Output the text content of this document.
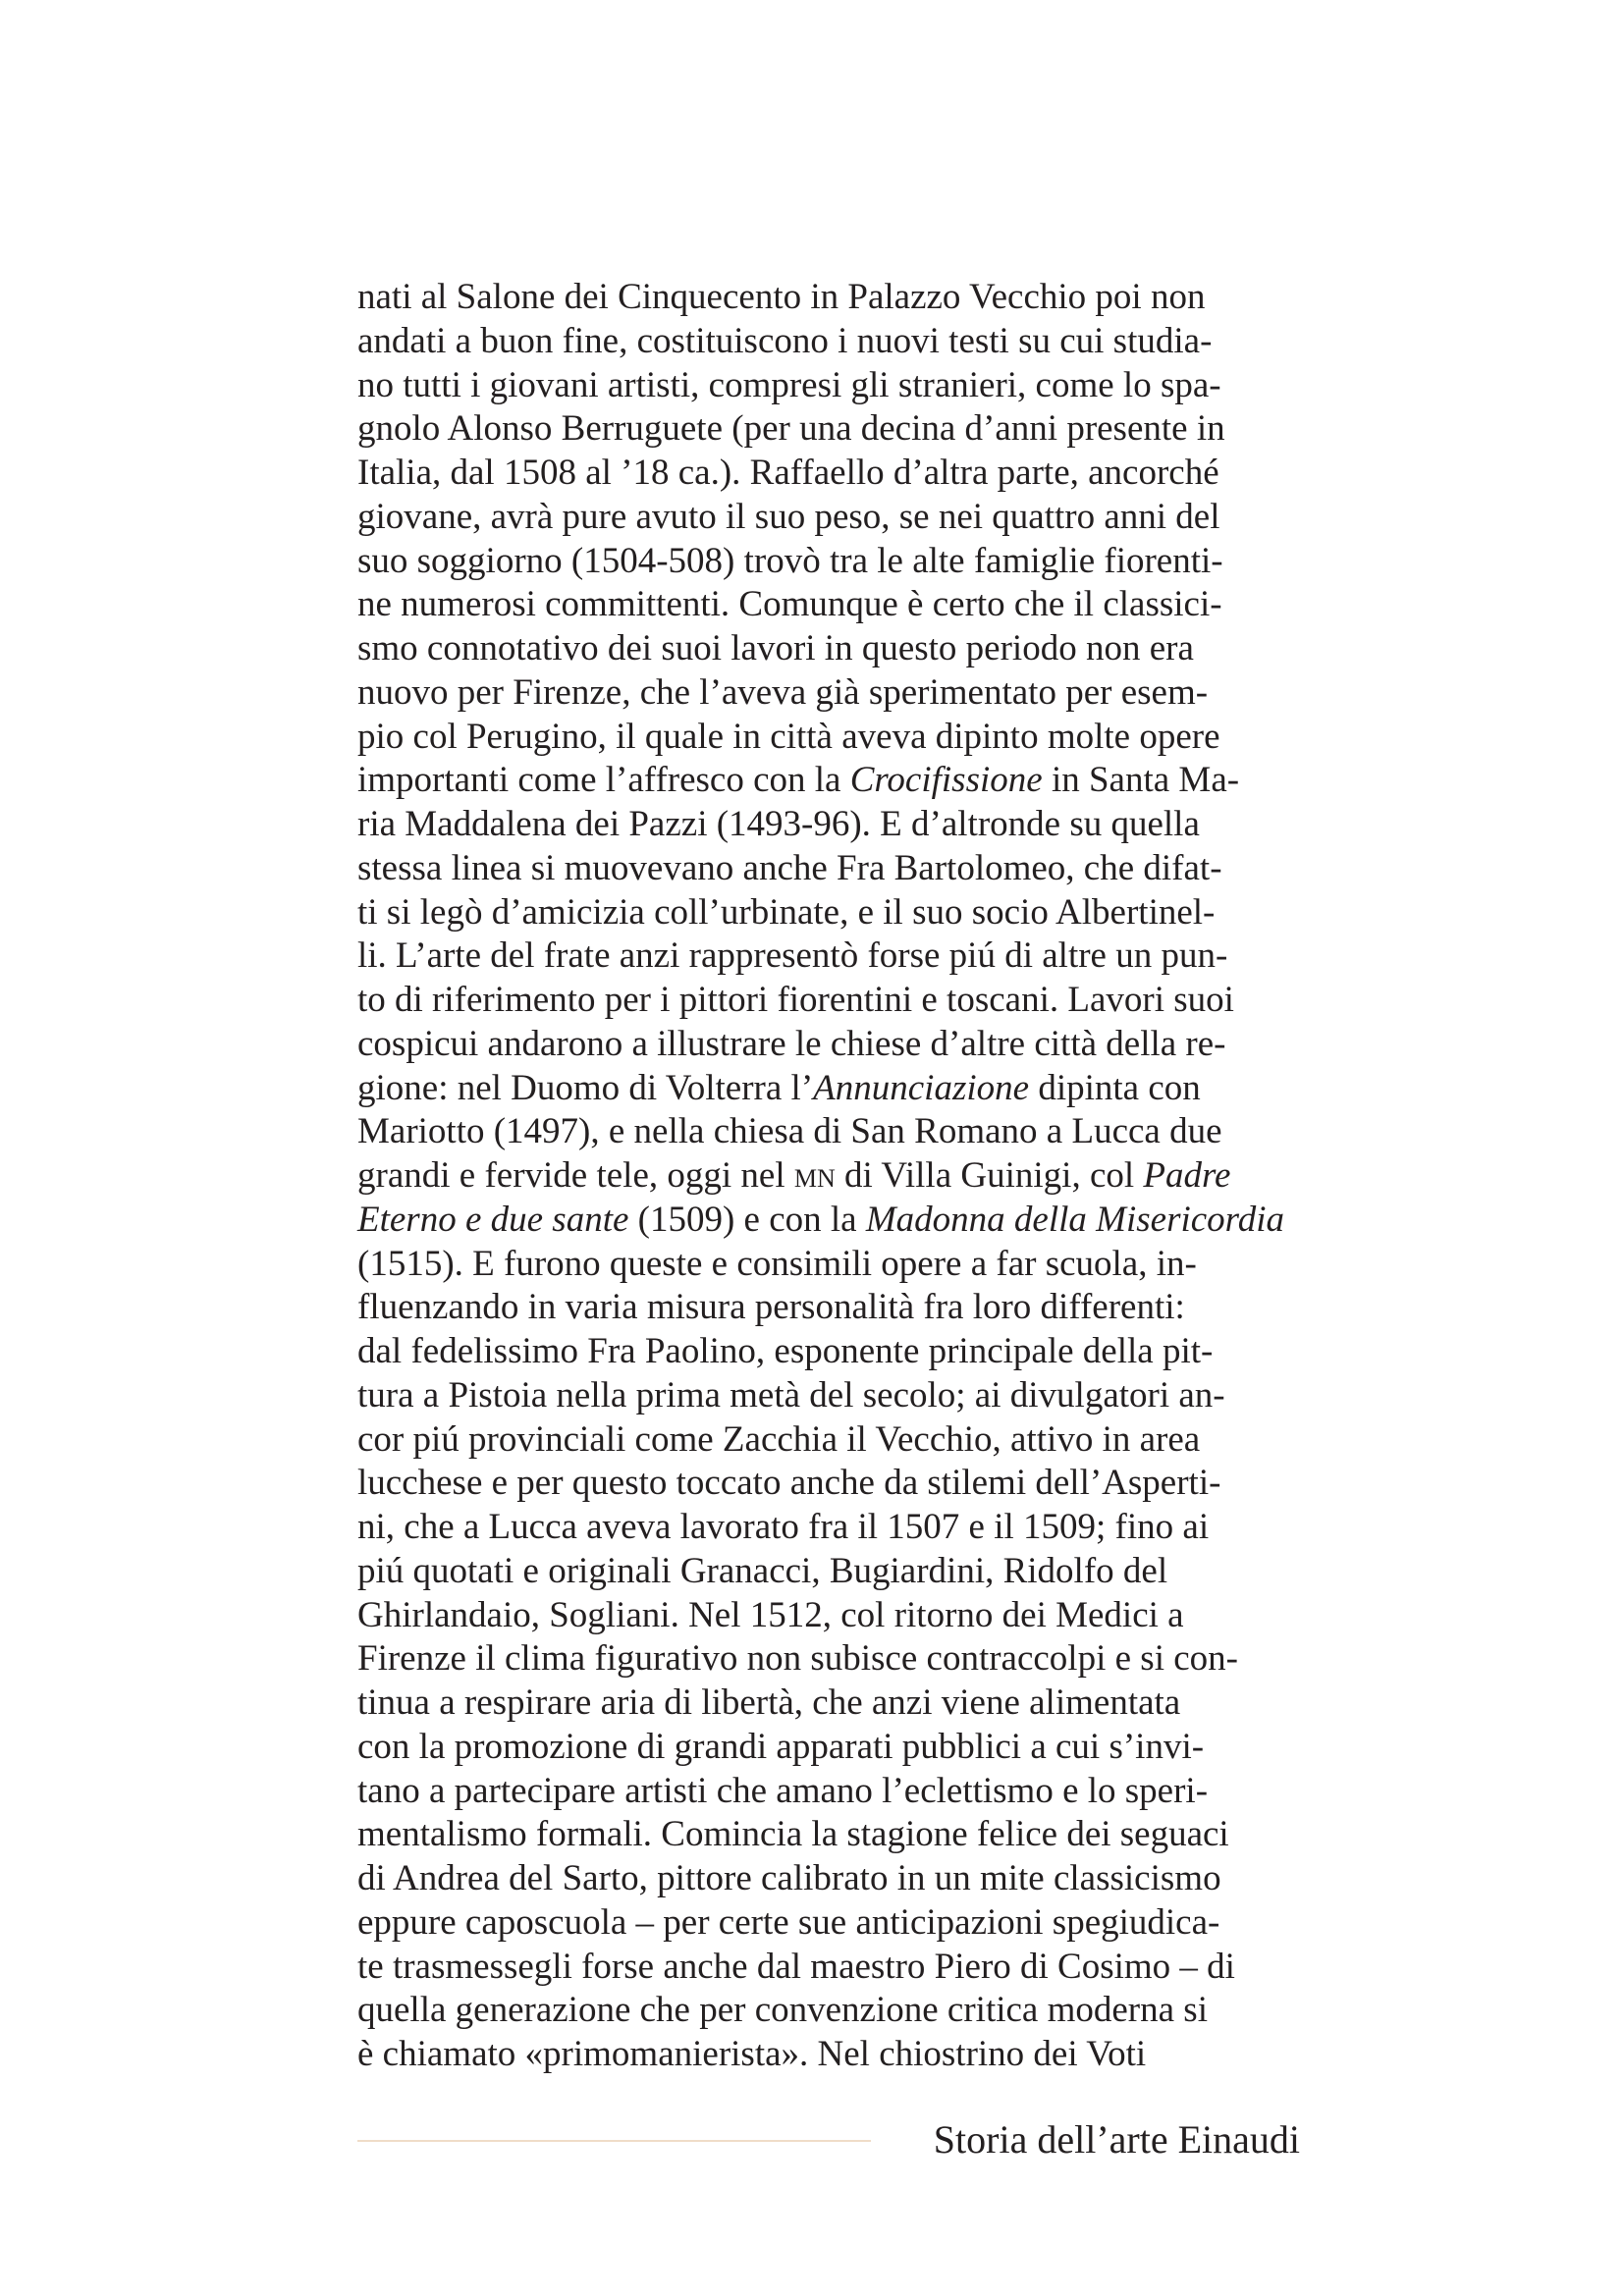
nati al Salone dei Cinquecento in Palazzo Vecchio poi non
andati a buon fine, costituiscono i nuovi testi su cui studia-
no tutti i giovani artisti, compresi gli stranieri, come lo spa-
gnolo Alonso Berruguete (per una decina d’anni presente in
Italia, dal 1508 al ’18 ca.). Raffaello d’altra parte, ancorché
giovane, avrà pure avuto il suo peso, se nei quattro anni del
suo soggiorno (1504-508) trovò tra le alte famiglie fiorenti-
ne numerosi committenti. Comunque è certo che il classici-
smo connotativo dei suoi lavori in questo periodo non era
nuovo per Firenze, che l’aveva già sperimentato per esem-
pio col Perugino, il quale in città aveva dipinto molte opere
importanti come l’affresco con la Crocifissione in Santa Ma-
ria Maddalena dei Pazzi (1493-96). E d’altronde su quella
stessa linea si muovevano anche Fra Bartolomeo, che difat-
ti si legò d’amicizia coll’urbinate, e il suo socio Albertinel-
li. L’arte del frate anzi rappresentò forse piú di altre un pun-
to di riferimento per i pittori fiorentini e toscani. Lavori suoi
cospicui andarono a illustrare le chiese d’altre città della re-
gione: nel Duomo di Volterra l’Annunciazione dipinta con
Mariotto (1497), e nella chiesa di San Romano a Lucca due
grandi e fervide tele, oggi nel mn di Villa Guinigi, col Padre
Eterno e due sante (1509) e con la Madonna della Misericordia
(1515). E furono queste e consimili opere a far scuola, in-
fluenzando in varia misura personalità fra loro differenti:
dal fedelissimo Fra Paolino, esponente principale della pit-
tura a Pistoia nella prima metà del secolo; ai divulgatori an-
cor piú provinciali come Zacchia il Vecchio, attivo in area
lucchese e per questo toccato anche da stilemi dell’Asperti-
ni, che a Lucca aveva lavorato fra il 1507 e il 1509; fino ai
piú quotati e originali Granacci, Bugiardini, Ridolfo del
Ghirlandaio, Sogliani. Nel 1512, col ritorno dei Medici a
Firenze il clima figurativo non subisce contraccolpi e si con-
tinua a respirare aria di libertà, che anzi viene alimentata
con la promozione di grandi apparati pubblici a cui s’invi-
tano a partecipare artisti che amano l’eclettismo e lo speri-
mentalismo formali. Comincia la stagione felice dei seguaci
di Andrea del Sarto, pittore calibrato in un mite classicismo
eppure caposcuola – per certe sue anticipazioni spegiudica-
te trasmessegli forse anche dal maestro Piero di Cosimo – di
quella generazione che per convenzione critica moderna si
è chiamato «primomanierista». Nel chiostrino dei Voti
Storia dell’arte Einaudi
